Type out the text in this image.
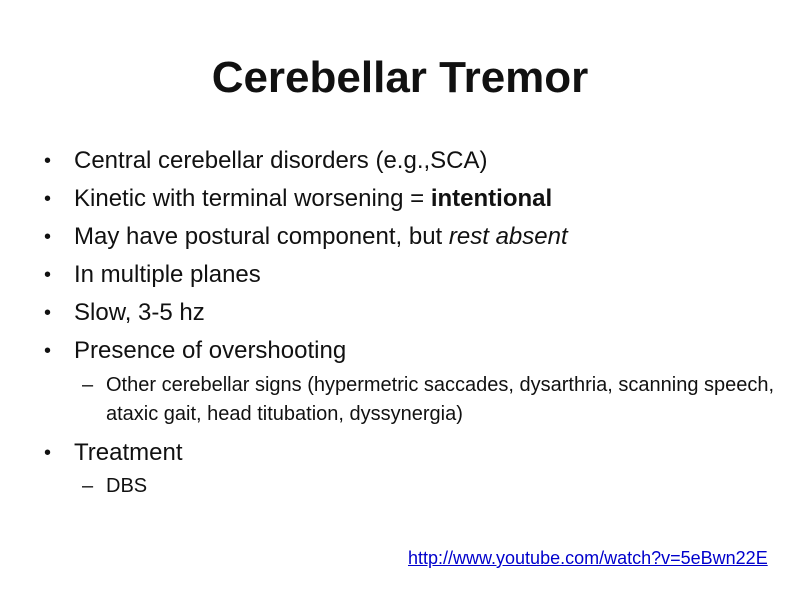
Cerebellar Tremor
• Central cerebellar disorders (e.g.,SCA)
• Kinetic with terminal worsening = intentional
• May have postural component, but rest absent
• In multiple planes
• Slow, 3-5 hz
• Presence of overshooting
– Other cerebellar signs (hypermetric saccades, dysarthria, scanning speech, ataxic gait, head titubation, dyssynergia)
• Treatment
– DBS
http://www.youtube.com/watch?v=5eBwn22E
